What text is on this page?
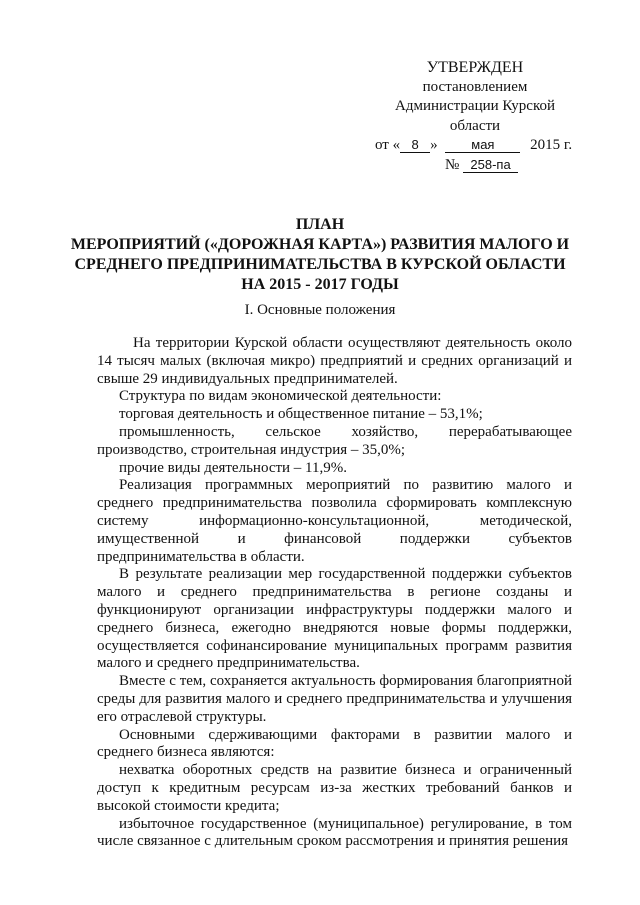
УТВЕРЖДЕН
постановлением
Администрации Курской
области
от « 8 »	мая 2015 г.
№ 258-па
ПЛАН
МЕРОПРИЯТИЙ («ДОРОЖНАЯ КАРТА») РАЗВИТИЯ МАЛОГО И
СРЕДНЕГО ПРЕДПРИНИМАТЕЛЬСТВА В КУРСКОЙ ОБЛАСТИ
НА 2015 - 2017 ГОДЫ
I. Основные положения

На территории Курской области осуществляют деятельность около 14 тысяч малых (включая микро) предприятий и средних организаций и свыше 29 индивидуальных предпринимателей.

Структура по видам экономической деятельности:

торговая деятельность и общественное питание – 53,1%;

промышленность, сельское хозяйство, перерабатывающее производство, строительная индустрия – 35,0%;

прочие виды деятельности – 11,9%.

Реализация программных мероприятий по развитию малого и среднего предпринимательства позволила сформировать комплексную систему информационно-консультационной, методической, имущественной и финансовой поддержки субъектов предпринимательства в области.

В результате реализации мер государственной поддержки субъектов малого и среднего предпринимательства в регионе созданы и функционируют организации инфраструктуры поддержки малого и среднего бизнеса, ежегодно внедряются новые формы поддержки, осуществляется софинансирование муниципальных программ развития малого и среднего предпринимательства.

Вместе с тем, сохраняется актуальность формирования благоприятной среды для развития малого и среднего предпринимательства и улучшения его отраслевой структуры.

Основными сдерживающими факторами в развитии малого и среднего бизнеса являются:

нехватка оборотных средств на развитие бизнеса и ограниченный доступ к кредитным ресурсам из-за жестких требований банков и высокой стоимости кредита;

избыточное государственное (муниципальное) регулирование, в том числе связанное с длительным сроком рассмотрения и принятия решения
